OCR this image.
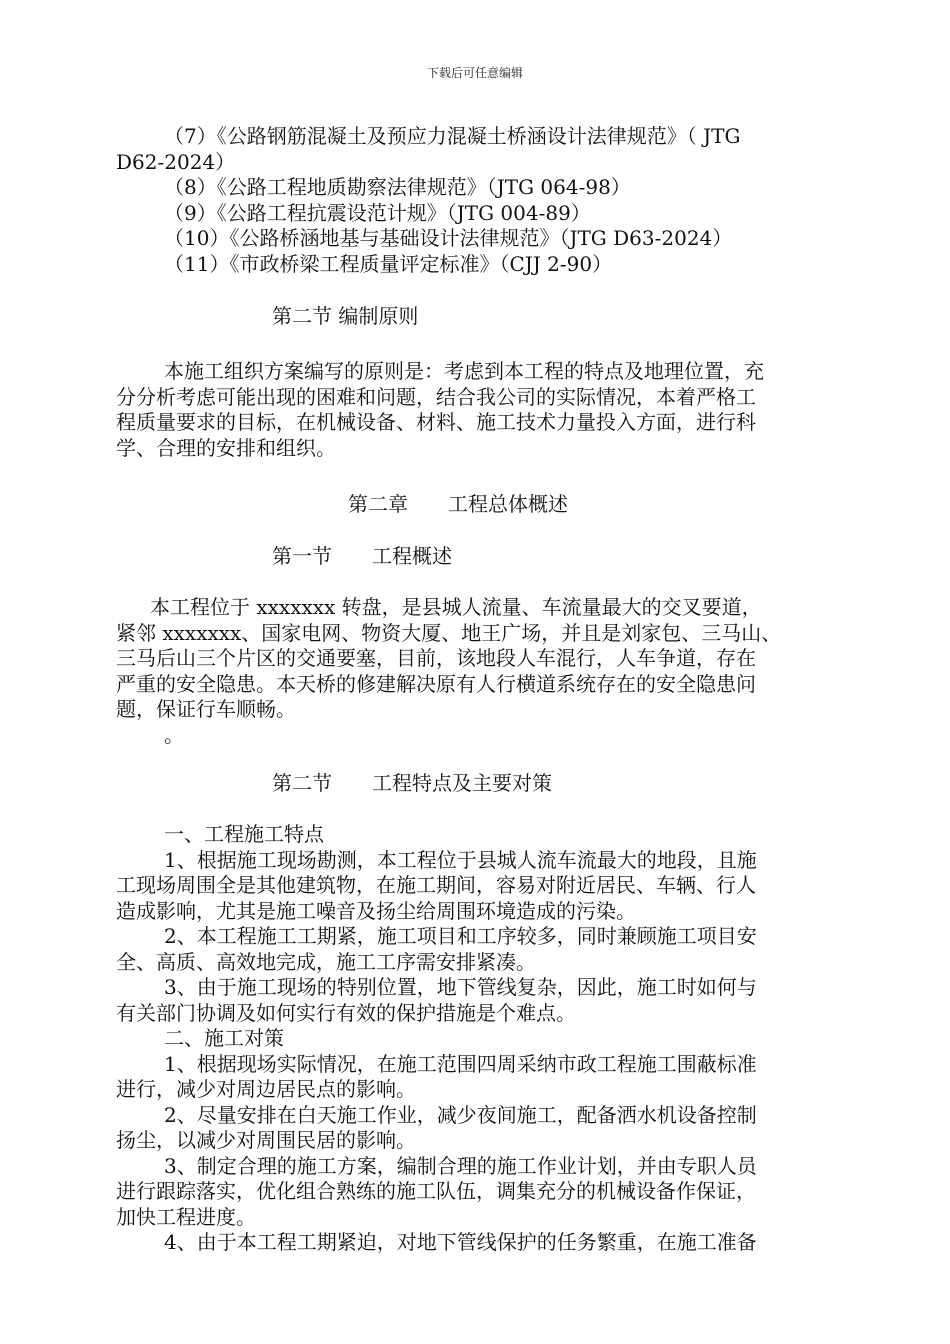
下载后可任意编辑
（7）《公路钢筋混凝土及预应力混凝土桥涵设计法律规范》（ JTG
D62-2024）
（8）《公路工程地质勘察法律规范》（JTG 064-98）
（9）《公路工程抗震设范计规》（JTG 004-89）
（10）《公路桥涵地基与基础设计法律规范》（JTG D63-2024）
（11）《市政桥梁工程质量评定标准》（CJJ 2-90）
第二节 编制原则
本施工组织方案编写的原则是：考虑到本工程的特点及地理位置，充
分分析考虑可能出现的困难和问题，结合我公司的实际情况，本着严格工
程质量要求的目标，在机械设备、材料、施工技术力量投入方面，进行科
学、合理的安排和组织。
第二章　　工程总体概述
第一节　　工程概述
本工程位于 xxxxxxx 转盘，是县城人流量、车流量最大的交叉要道，
紧邻 xxxxxxx、国家电网、物资大厦、地王广场，并且是刘家包、三马山、
三马后山三个片区的交通要塞，目前，该地段人车混行，人车争道，存在
严重的安全隐患。本天桥的修建解决原有人行横道系统存在的安全隐患问
题，保证行车顺畅。
。
第二节　　工程特点及主要对策
一、工程施工特点
1、根据施工现场勘测，本工程位于县城人流车流最大的地段，且施
工现场周围全是其他建筑物，在施工期间，容易对附近居民、车辆、行人
造成影响，尤其是施工噪音及扬尘给周围环境造成的污染。
2、本工程施工工期紧，施工项目和工序较多，同时兼顾施工项目安
全、高质、高效地完成，施工工序需安排紧凑。
3、由于施工现场的特别位置，地下管线复杂，因此，施工时如何与
有关部门协调及如何实行有效的保护措施是个难点。
二、施工对策
1、根据现场实际情况，在施工范围四周采纳市政工程施工围蔽标准
进行，减少对周边居民点的影响。
2、尽量安排在白天施工作业，减少夜间施工，配备洒水机设备控制
扬尘，以减少对周围民居的影响。
3、制定合理的施工方案，编制合理的施工作业计划，并由专职人员
进行跟踪落实，优化组合熟练的施工队伍，调集充分的机械设备作保证，
加快工程进度。
4、由于本工程工期紧迫，对地下管线保护的任务繁重，在施工准备
